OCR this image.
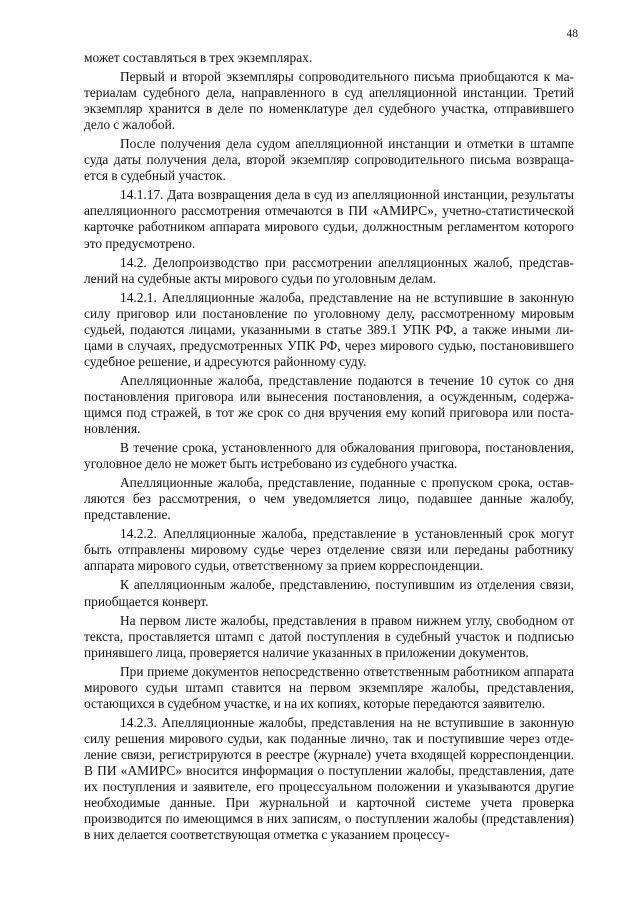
48

может составляться в трех экземплярах.

Первый и второй экземпляры сопроводительного письма приобщаются к материалам судебного дела, направленного в суд апелляционной инстанции. Третий экземпляр хранится в деле по номенклатуре дел судебного участка, отправившего дело с жалобой.

После получения дела судом апелляционной инстанции и отметки в штампе суда даты получения дела, второй экземпляр сопроводительного письма возвращается в судебный участок.

14.1.17. Дата возвращения дела в суд из апелляционной инстанции, результаты апелляционного рассмотрения отмечаются в ПИ «АМИРС», учетно-статистической карточке работником аппарата мирового судьи, должностным регламентом которого это предусмотрено.

14.2. Делопроизводство при рассмотрении апелляционных жалоб, представлений на судебные акты мирового судьи по уголовным делам.

14.2.1. Апелляционные жалоба, представление на не вступившие в законную силу приговор или постановление по уголовному делу, рассмотренному мировым судьей, подаются лицами, указанными в статье 389.1 УПК РФ, а также иными лицами в случаях, предусмотренных УПК РФ, через мирового судью, постановившего судебное решение, и адресуются районному суду.

Апелляционные жалоба, представление подаются в течение 10 суток со дня постановления приговора или вынесения постановления, а осужденным, содержащимся под стражей, в тот же срок со дня вручения ему копий приговора или постановления.

В течение срока, установленного для обжалования приговора, постановления, уголовное дело не может быть истребовано из судебного участка.

Апелляционные жалоба, представление, поданные с пропуском срока, оставляются без рассмотрения, о чем уведомляется лицо, подавшее данные жалобу, представление.

14.2.2. Апелляционные жалоба, представление в установленный срок могут быть отправлены мировому судье через отделение связи или переданы работнику аппарата мирового судьи, ответственному за прием корреспонденции.

К апелляционным жалобе, представлению, поступившим из отделения связи, приобщается конверт.

На первом листе жалобы, представления в правом нижнем углу, свободном от текста, проставляется штамп с датой поступления в судебный участок и подписью принявшего лица, проверяется наличие указанных в приложении документов.

При приеме документов непосредственно ответственным работником аппарата мирового судьи штамп ставится на первом экземпляре жалобы, представления, остающихся в судебном участке, и на их копиях, которые передаются заявителю.

14.2.3. Апелляционные жалобы, представления на не вступившие в законную силу решения мирового судьи, как поданные лично, так и поступившие через отделение связи, регистрируются в реестре (журнале) учета входящей корреспонденции. В ПИ «АМИРС» вносится информация о поступлении жалобы, представления, дате их поступления и заявителе, его процессуальном положении и указываются другие необходимые данные. При журнальной и карточной системе учета проверка производится по имеющимся в них записям, о поступлении жалобы (представления) в них делается соответствующая отметка с указанием процессу-
